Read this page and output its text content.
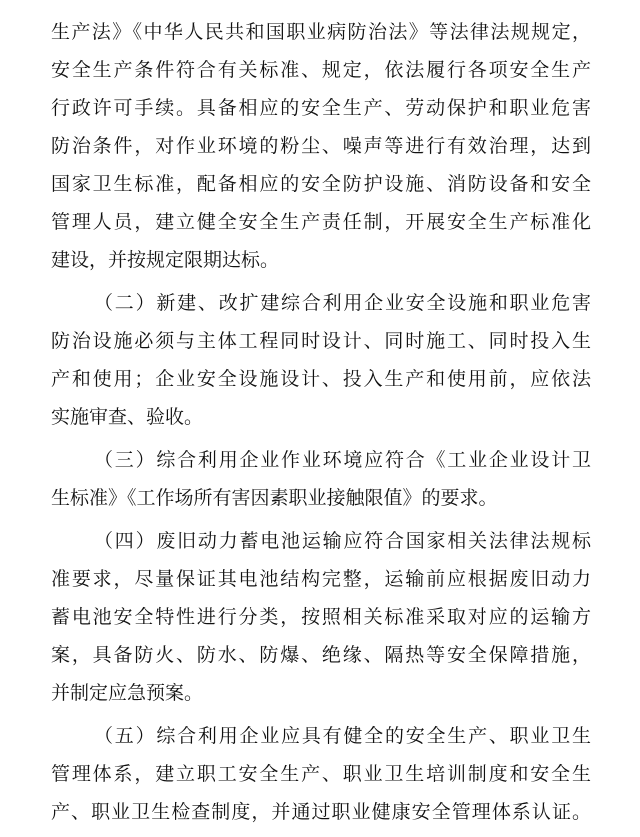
生产法》《中华人民共和国职业病防治法》等法律法规规定，
安全生产条件符合有关标准、规定，依法履行各项安全生产
行政许可手续。具备相应的安全生产、劳动保护和职业危害
防治条件，对作业环境的粉尘、噪声等进行有效治理，达到
国家卫生标准，配备相应的安全防护设施、消防设备和安全
管理人员，建立健全安全生产责任制，开展安全生产标准化
建设，并按规定限期达标。
（二）新建、改扩建综合利用企业安全设施和职业危害
防治设施必须与主体工程同时设计、同时施工、同时投入生
产和使用；企业安全设施设计、投入生产和使用前，应依法
实施审查、验收。
（三）综合利用企业作业环境应符合《工业企业设计卫
生标准》《工作场所有害因素职业接触限值》的要求。
（四）废旧动力蓄电池运输应符合国家相关法律法规标
准要求，尽量保证其电池结构完整，运输前应根据废旧动力
蓄电池安全特性进行分类，按照相关标准采取对应的运输方
案，具备防火、防水、防爆、绝缘、隔热等安全保障措施，
并制定应急预案。
（五）综合利用企业应具有健全的安全生产、职业卫生
管理体系，建立职工安全生产、职业卫生培训制度和安全生
产、职业卫生检查制度，并通过职业健康安全管理体系认证。
